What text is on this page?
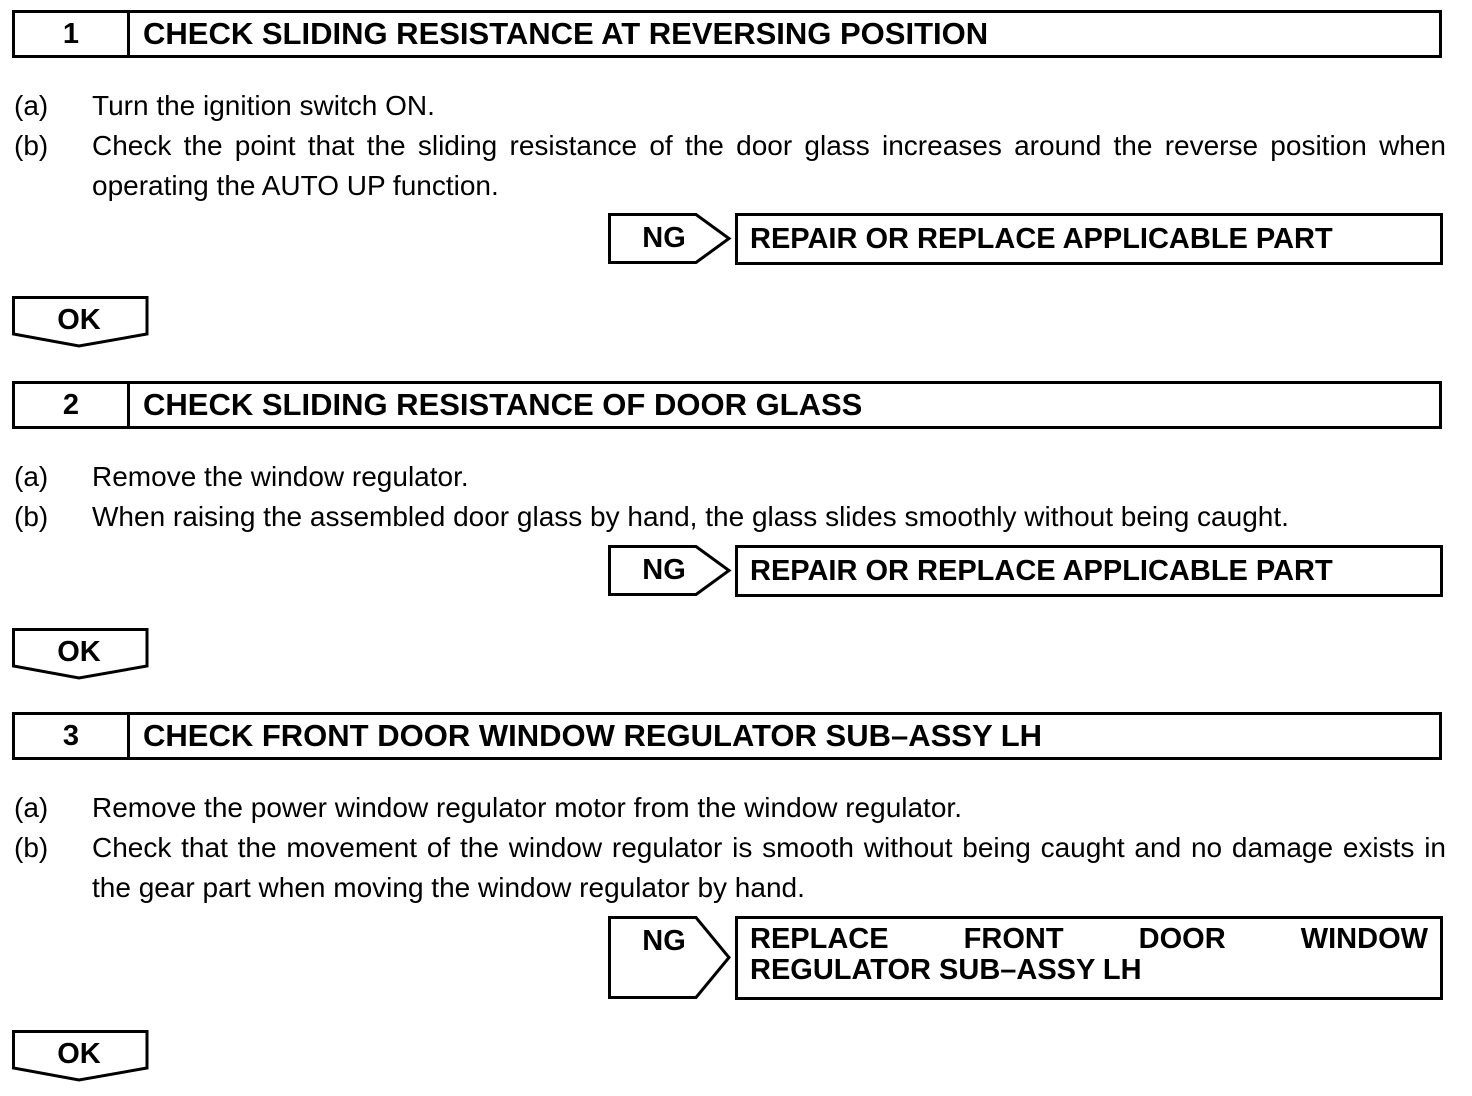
1	CHECK SLIDING RESISTANCE AT REVERSING POSITION
(a)	Turn the ignition switch ON.
(b)	Check the point that the sliding resistance of the door glass increases around the reverse position when operating the AUTO UP function.
NG	REPAIR OR REPLACE APPLICABLE PART
OK
2	CHECK SLIDING RESISTANCE OF DOOR GLASS
(a)	Remove the window regulator.
(b)	When raising the assembled door glass by hand, the glass slides smoothly without being caught.
NG	REPAIR OR REPLACE APPLICABLE PART
OK
3	CHECK FRONT DOOR WINDOW REGULATOR SUB–ASSY LH
(a)	Remove the power window regulator motor from the window regulator.
(b)	Check that the movement of the window regulator is smooth without being caught and no damage exists in the gear part when moving the window regulator by hand.
NG	REPLACE FRONT DOOR WINDOW
REGULATOR SUB–ASSY LH
OK
